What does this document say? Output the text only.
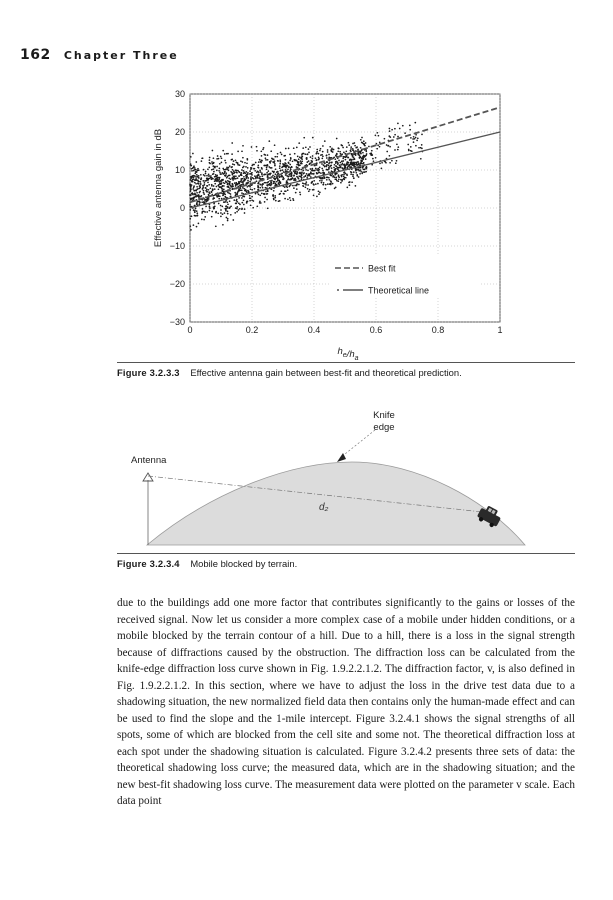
162 Chapter Three
Effective antenna gain in dB
0	0.2	0.4	0.6	0.8	1
30
20
10
0
−10
−20
−30
Best fit
Theoretical line
$h_e/h_a$
Figure 3.2.3.3 Effective antenna gain between best-fit and theoretical prediction.
Antenna
Knife
edge
d₂
Figure 3.2.3.4 Mobile blocked by terrain.

due to the buildings add one more factor that contributes significantly to the gains or losses of the received signal. Now let us consider a more complex case of a mobile under hidden conditions, or a mobile blocked by the terrain contour of a hill. Due to a hill, there is a loss in the signal strength because of diffractions caused by the obstruction. The diffraction loss can be calculated from the knife-edge diffraction loss curve shown in Fig. 1.9.2.2.1.2. The diffraction factor, v, is also defined in Fig. 1.9.2.2.1.2. In this section, where we have to adjust the loss in the drive test data due to a shadowing situation, the new normalized field data then contains only the human-made effect and can be used to find the slope and the 1-mile intercept. Figure 3.2.4.1 shows the signal strengths of all spots, some of which are blocked from the cell site and some not. The theoretical diffraction loss at each spot under the shadowing situation is calculated. Figure 3.2.4.2 presents three sets of data: the theoretical shadowing loss curve; the measured data, which are in the shadowing situation; and the new best-fit shadowing loss curve. The measurement data were plotted on the parameter v scale. Each data point
